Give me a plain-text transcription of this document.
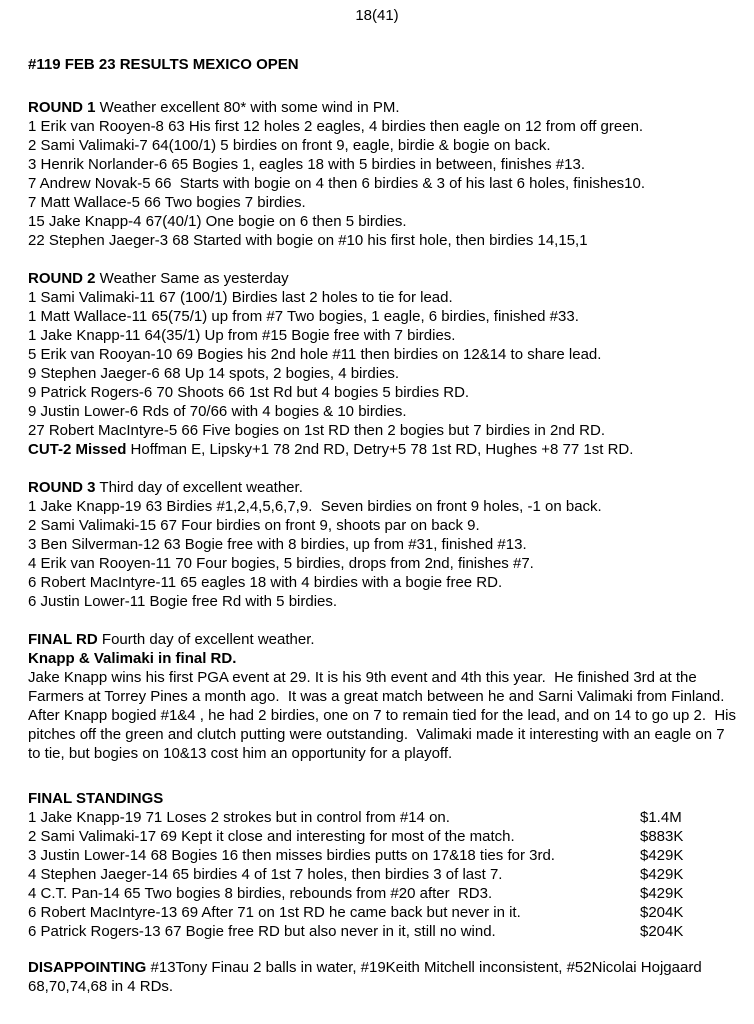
18(41)
#119 FEB 23 RESULTS MEXICO OPEN
ROUND 1 Weather excellent 80* with some wind in PM.
1 Erik van Rooyen-8 63 His first 12 holes 2 eagles, 4 birdies then eagle on 12 from off green.
2 Sami Valimaki-7 64(100/1) 5 birdies on front 9, eagle, birdie & bogie on back.
3 Henrik Norlander-6 65 Bogies 1, eagles 18 with 5 birdies in between, finishes #13.
7 Andrew Novak-5 66  Starts with bogie on 4 then 6 birdies & 3 of his last 6 holes, finishes10.
7 Matt Wallace-5 66 Two bogies 7 birdies.
15 Jake Knapp-4 67(40/1) One bogie on 6 then 5 birdies.
22 Stephen Jaeger-3 68 Started with bogie on #10 his first hole, then birdies 14,15,1
ROUND 2 Weather Same as yesterday
1 Sami Valimaki-11 67 (100/1) Birdies last 2 holes to tie for lead.
1 Matt Wallace-11 65(75/1) up from #7 Two bogies, 1 eagle, 6 birdies, finished #33.
1 Jake Knapp-11 64(35/1) Up from #15 Bogie free with 7 birdies.
5 Erik van Rooyan-10 69 Bogies his 2nd hole #11 then birdies on 12&14 to share lead.
9 Stephen Jaeger-6 68 Up 14 spots, 2 bogies, 4 birdies.
9 Patrick Rogers-6 70 Shoots 66 1st Rd but 4 bogies 5 birdies RD.
9 Justin Lower-6 Rds of 70/66 with 4 bogies & 10 birdies.
27 Robert MacIntyre-5 66 Five bogies on 1st RD then 2 bogies but 7 birdies in 2nd RD.
CUT-2 Missed Hoffman E, Lipsky+1 78 2nd RD, Detry+5 78 1st RD, Hughes +8 77 1st RD.
ROUND 3 Third day of excellent weather.
1 Jake Knapp-19 63 Birdies #1,2,4,5,6,7,9.  Seven birdies on front 9 holes, -1 on back.
2 Sami Valimaki-15 67 Four birdies on front 9, shoots par on back 9.
3 Ben Silverman-12 63 Bogie free with 8 birdies, up from #31, finished #13.
4 Erik van Rooyen-11 70 Four bogies, 5 birdies, drops from 2nd, finishes #7.
6 Robert MacIntyre-11 65 eagles 18 with 4 birdies with a bogie free RD.
6 Justin Lower-11 Bogie free Rd with 5 birdies.
FINAL RD Fourth day of excellent weather.
Knapp & Valimaki in final RD.
Jake Knapp wins his first PGA event at 29. It is his 9th event and 4th this year.  He finished 3rd at the Farmers at Torrey Pines a month ago.  It was a great match between he and Sarni Valimaki from Finland.  After Knapp bogied #1&4 , he had 2 birdies, one on 7 to remain tied for the lead, and on 14 to go up 2.  His pitches off the green and clutch putting were outstanding.  Valimaki made it interesting with an eagle on 7 to tie, but bogies on 10&13 cost him an opportunity for a playoff.
FINAL STANDINGS
1 Jake Knapp-19 71 Loses 2 strokes but in control from #14 on.	$1.4M
2 Sami Valimaki-17 69 Kept it close and interesting for most of the match.	$883K
3 Justin Lower-14 68 Bogies 16 then misses birdies putts on 17&18 ties for 3rd.	$429K
4 Stephen Jaeger-14 65 birdies 4 of 1st 7 holes, then birdies 3 of last 7.	$429K
4 C.T. Pan-14 65 Two bogies 8 birdies, rebounds from #20 after  RD3.	$429K
6 Robert MacIntyre-13 69 After 71 on 1st RD he came back but never in it.	$204K
6 Patrick Rogers-13 67 Bogie free RD but also never in it, still no wind.	$204K
DISAPPOINTING #13Tony Finau 2 balls in water, #19Keith Mitchell inconsistent, #52Nicolai Hojgaard 68,70,74,68 in 4 RDs.
